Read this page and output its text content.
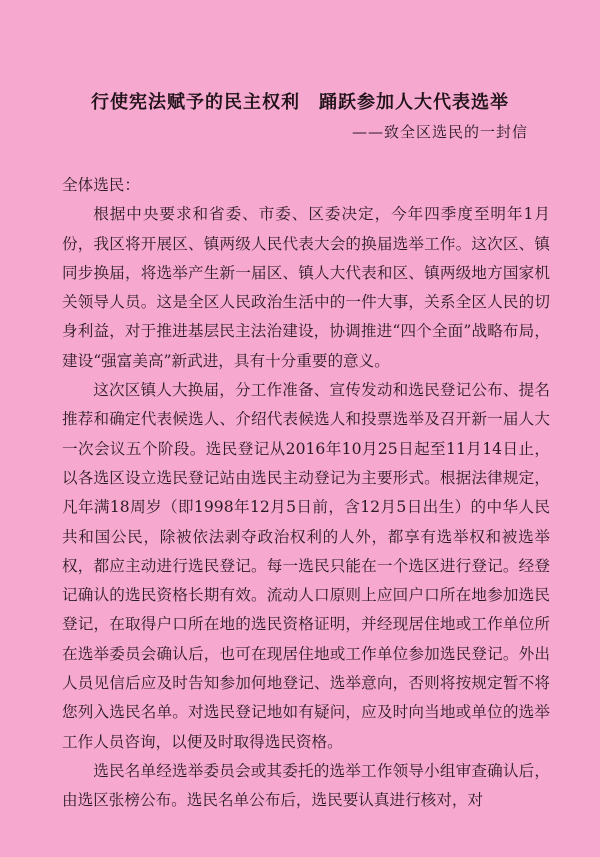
行使宪法赋予的民主权利　踊跃参加人大代表选举

——致全区选民的一封信

全体选民：

根据中央要求和省委、市委、区委决定，今年四季度至明年1月份，我区将开展区、镇两级人民代表大会的换届选举工作。这次区、镇同步换届，将选举产生新一届区、镇人大代表和区、镇两级地方国家机关领导人员。这是全区人民政治生活中的一件大事，关系全区人民的切身利益，对于推进基层民主法治建设，协调推进“四个全面”战略布局，建设“强富美高”新武进，具有十分重要的意义。

这次区镇人大换届，分工作准备、宣传发动和选民登记公布、提名推荐和确定代表候选人、介绍代表候选人和投票选举及召开新一届人大一次会议五个阶段。选民登记从2016年10月25日起至11月14日止，以各选区设立选民登记站由选民主动登记为主要形式。根据法律规定，凡年满18周岁（即1998年12月5日前，含12月5日出生）的中华人民共和国公民，除被依法剥夺政治权利的人外，都享有选举权和被选举权，都应主动进行选民登记。每一选民只能在一个选区进行登记。经登记确认的选民资格长期有效。流动人口原则上应回户口所在地参加选民登记，在取得户口所在地的选民资格证明，并经现居住地或工作单位所在选举委员会确认后，也可在现居住地或工作单位参加选民登记。外出人员见信后应及时告知参加何地登记、选举意向，否则将按规定暂不将您列入选民名单。对选民登记地如有疑问，应及时向当地或单位的选举工作人员咨询，以便及时取得选民资格。

选民名单经选举委员会或其委托的选举工作领导小组审查确认后，由选区张榜公布。选民名单公布后，选民要认真进行核对，对
